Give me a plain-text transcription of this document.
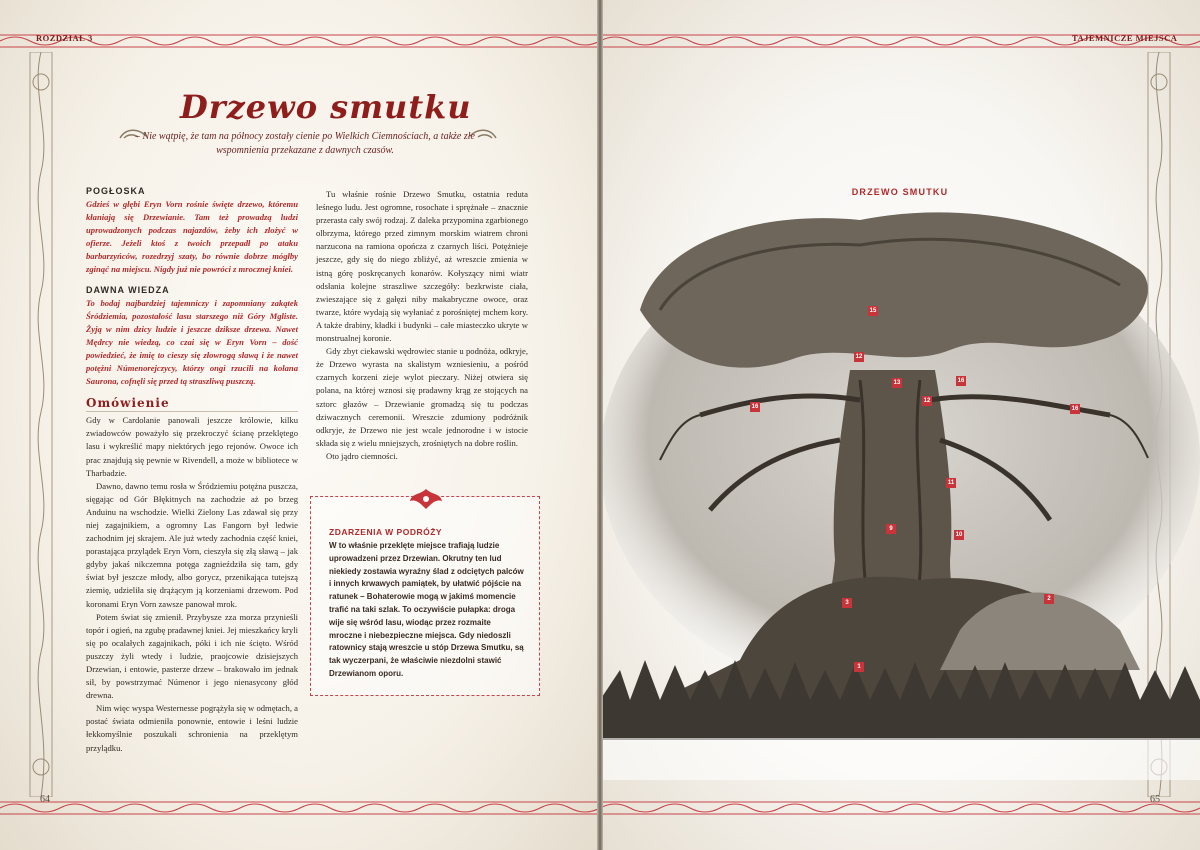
ROZDZIAŁ 3
64
Drzewo smutku
– Nie wątpię, że tam na północy zostały cienie po Wielkich Ciemnościach, a także złe wspomnienia przekazane z dawnych czasów.
POGŁOSKA
Gdzieś w głębi Eryn Vorn rośnie święte drzewo, któremu kłaniają się Drzewianie. Tam też prowadzą ludzi uprowadzonych podczas najazdów, żeby ich złożyć w ofierze. Jeżeli ktoś z twoich przepadł po ataku barbarzyńców, rozedrzyj szaty, bo równie dobrze mógłby zginąć na miejscu. Nigdy już nie powróci z mrocznej kniei.
DAWNA WIEDZA
To bodaj najbardziej tajemniczy i zapomniany zakątek Śródziemia, pozostałość lasu starszego niż Góry Mgliste. Żyją w nim dzicy ludzie i jeszcze dziksze drzewa. Nawet Mędrcy nie wiedzą, co czai się w Eryn Vorn – dość powiedzieć, że imię to cieszy się złowrogą sławą i że nawet potężni Númenorejczycy, którzy ongi rzucili na kolana Saurona, cofnęli się przed tą straszliwą puszczą.
Omówienie

Gdy w Cardolanie panowali jeszcze królowie, kilku zwiadowców poważyło się przekroczyć ścianę przeklętego lasu i wykreślić mapy niektórych jego rejonów. Owoce ich prac znajdują się pewnie w Rivendell, a może w bibliotece w Tharbadzie.

Dawno, dawno temu rosła w Śródziemiu potężna puszcza, sięgając od Gór Błękitnych na zachodzie aż po brzeg Anduinu na wschodzie. Wielki Zielony Las zdawał się przy niej zagajnikiem, a ogromny Las Fangorn był ledwie zachodnim jej skrajem. Ale już wtedy zachodnia część kniei, porastająca przylądek Eryn Vorn, cieszyła się złą sławą – jak gdyby jakaś nikczemna potęga zagnieździła się tam, gdy świat był jeszcze młody, albo gorycz, przenikająca tutejszą ziemię, udzieliła się drążącym ją korzeniami drzewom. Pod koronami Eryn Vorn zawsze panował mrok.

Potem świat się zmienił. Przybysze zza morza przynieśli topór i ogień, na zgubę pradawnej kniei. Jej mieszkańcy kryli się po ocalałych zagajnikach, póki i ich nie ścięto. Wśród puszczy żyli wtedy i ludzie, praojcowie dzisiejszych Drzewian, i entowie, pasterze drzew – brakowało im jednak sił, by powstrzymać Númenor i jego nienasycony głód drewna.

Nim więc wyspa Westernesse pogrążyła się w odmętach, a postać świata odmieniła ponownie, entowie i leśni ludzie łekkomyślnie poszukali schronienia na przeklętym przylądku.

Tu właśnie rośnie Drzewo Smutku, ostatnia reduta leśnego ludu. Jest ogromne, rosochate i sprężnałe – znacznie przerasta cały swój rodzaj. Z daleka przypomina zgarbionego olbrzyma, którego przed zimnym morskim wiatrem chroni narzucona na ramiona opończa z czarnych liści. Potężnieje jeszcze, gdy się do niego zbliżyć, aż wreszcie zmienia w istną górę poskręcanych konarów. Kołyszący nimi wiatr odsłania kolejne straszliwe szczegóły: bezkrwiste ciała, zwieszające się z gałęzi niby makabryczne owoce, oraz twarze, które wydają się wyłaniać z porośniętej mchem kory. A także drabiny, kładki i budynki – całe miasteczko ukryte w monstrualnej koronie.

Gdy zbyt ciekawski wędrowiec stanie u podnóża, odkryje, że Drzewo wyrasta na skalistym wzniesieniu, a pośród czarnych korzeni zieje wylot pieczary. Niżej otwiera się polana, na której wznosi się pradawny krąg ze stojących na sztorc głazów – Drzewianie gromadzą się tu podczas dziwacznych ceremonii. Wreszcie zdumiony podróżnik odkryje, że Drzewo nie jest wcale jednorodne i w istocie składa się z wielu mniejszych, zrośniętych na dobre roślin.

Oto jądro ciemności.

ZDARZENIA W PODRÓŻY

W to właśnie przeklęte miejsce trafiają ludzie uprowadzeni przez Drzewian. Okrutny ten lud niekiedy zostawia wyraźny ślad z odciętych palców i innych krwawych pamiątek, by ułatwić pójście na ratunek – Bohaterowie mogą w jakimś momencie trafić na taki szlak. To oczywiście pułapka: droga wije się wśród lasu, wiodąc przez rozmaite mroczne i niebezpieczne miejsca. Gdy niedoszli ratownicy stają wreszcie u stóp Drzewa Smutku, są tak wyczerpani, że właściwie niezdolni stawić Drzewianom oporu.

TAJEMNICZE MIEJSCA
65
DRZEWO SMUTKU
15
12
13	16
12
16	16
11
9
10
3
2
1
